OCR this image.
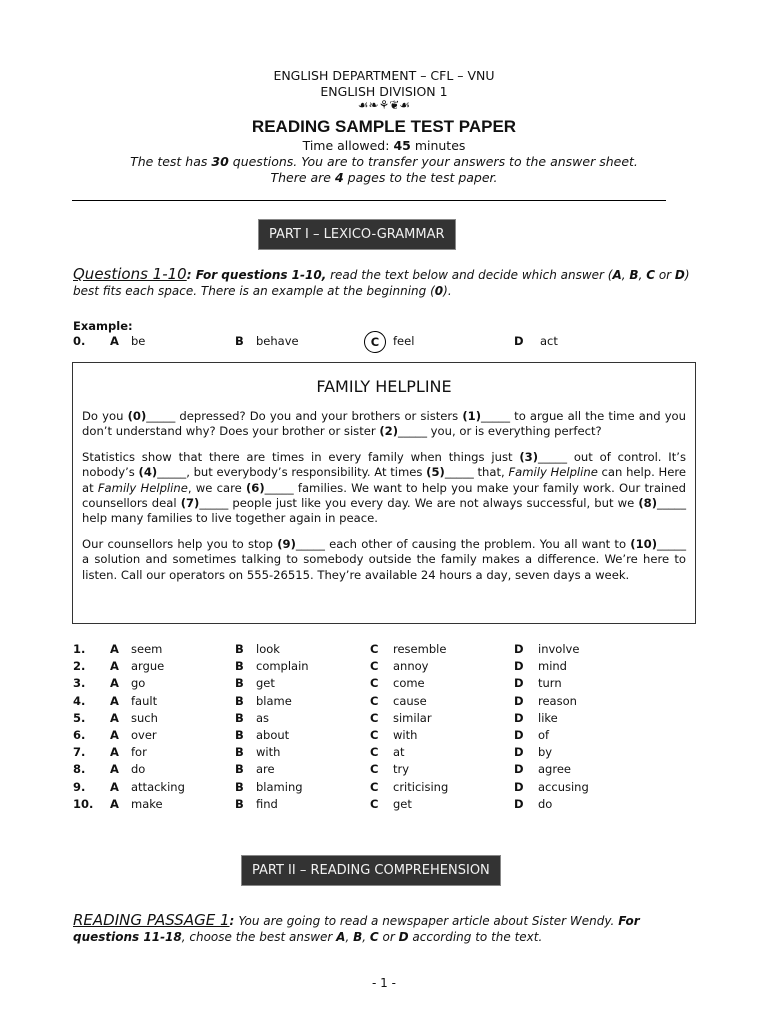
ENGLISH DEPARTMENT – CFL – VNU
ENGLISH DIVISION 1
☙❧⚘❦☙
READING SAMPLE TEST PAPER
Time allowed: 45 minutes
The test has 30 questions. You are to transfer your answers to the answer sheet.
There are 4 pages to the test paper.
PART I – LEXICO-GRAMMAR
Questions 1-10: For questions 1-10, read the text below and decide which answer (A, B, C or D)
best fits each space. There is an example at the beginning (0).
Example:
0. A be	B behave	C	feel	D act
FAMILY HELPLINE
Do you (0)_____ depressed? Do you and your brothers or sisters (1)_____ to argue all the time and you don’t understand why? Does your brother or sister (2)_____ you, or is everything perfect?
Statistics show that there are times in every family when things just (3)_____ out of control. It’s nobody’s (4)_____, but everybody’s responsibility. At times (5)_____ that, Family Helpline can help. Here at Family Helpline, we care (6)_____ families. We want to help you make your family work. Our trained counsellors deal (7)_____ people just like you every day. We are not always successful, but we (8)_____ help many families to live together again in peace.
Our counsellors help you to stop (9)_____ each other of causing the problem. You all want to (10)_____ a solution and sometimes talking to somebody outside the family makes a difference. We’re here to listen. Call our operators on 555-26515. They’re available 24 hours a day, seven days a week.
1. A seem	B look	C resemble	D involve
2. A argue	B complain	C annoy	D mind
3. A go	B get	C come	D turn
4. A fault	B blame	C cause	D reason
5. A such	B as	C similar	D like
6. A over	B about	C with	D of
7. A for	B with	C at	D by
8. A do	B are	C try	D agree
9. A attacking	B blaming	C criticising	D accusing
10. A make	B find	C get	D do
PART II – READING COMPREHENSION
READING PASSAGE 1: You are going to read a newspaper article about Sister Wendy. For
questions 11-18, choose the best answer A, B, C or D according to the text.
- 1 -
